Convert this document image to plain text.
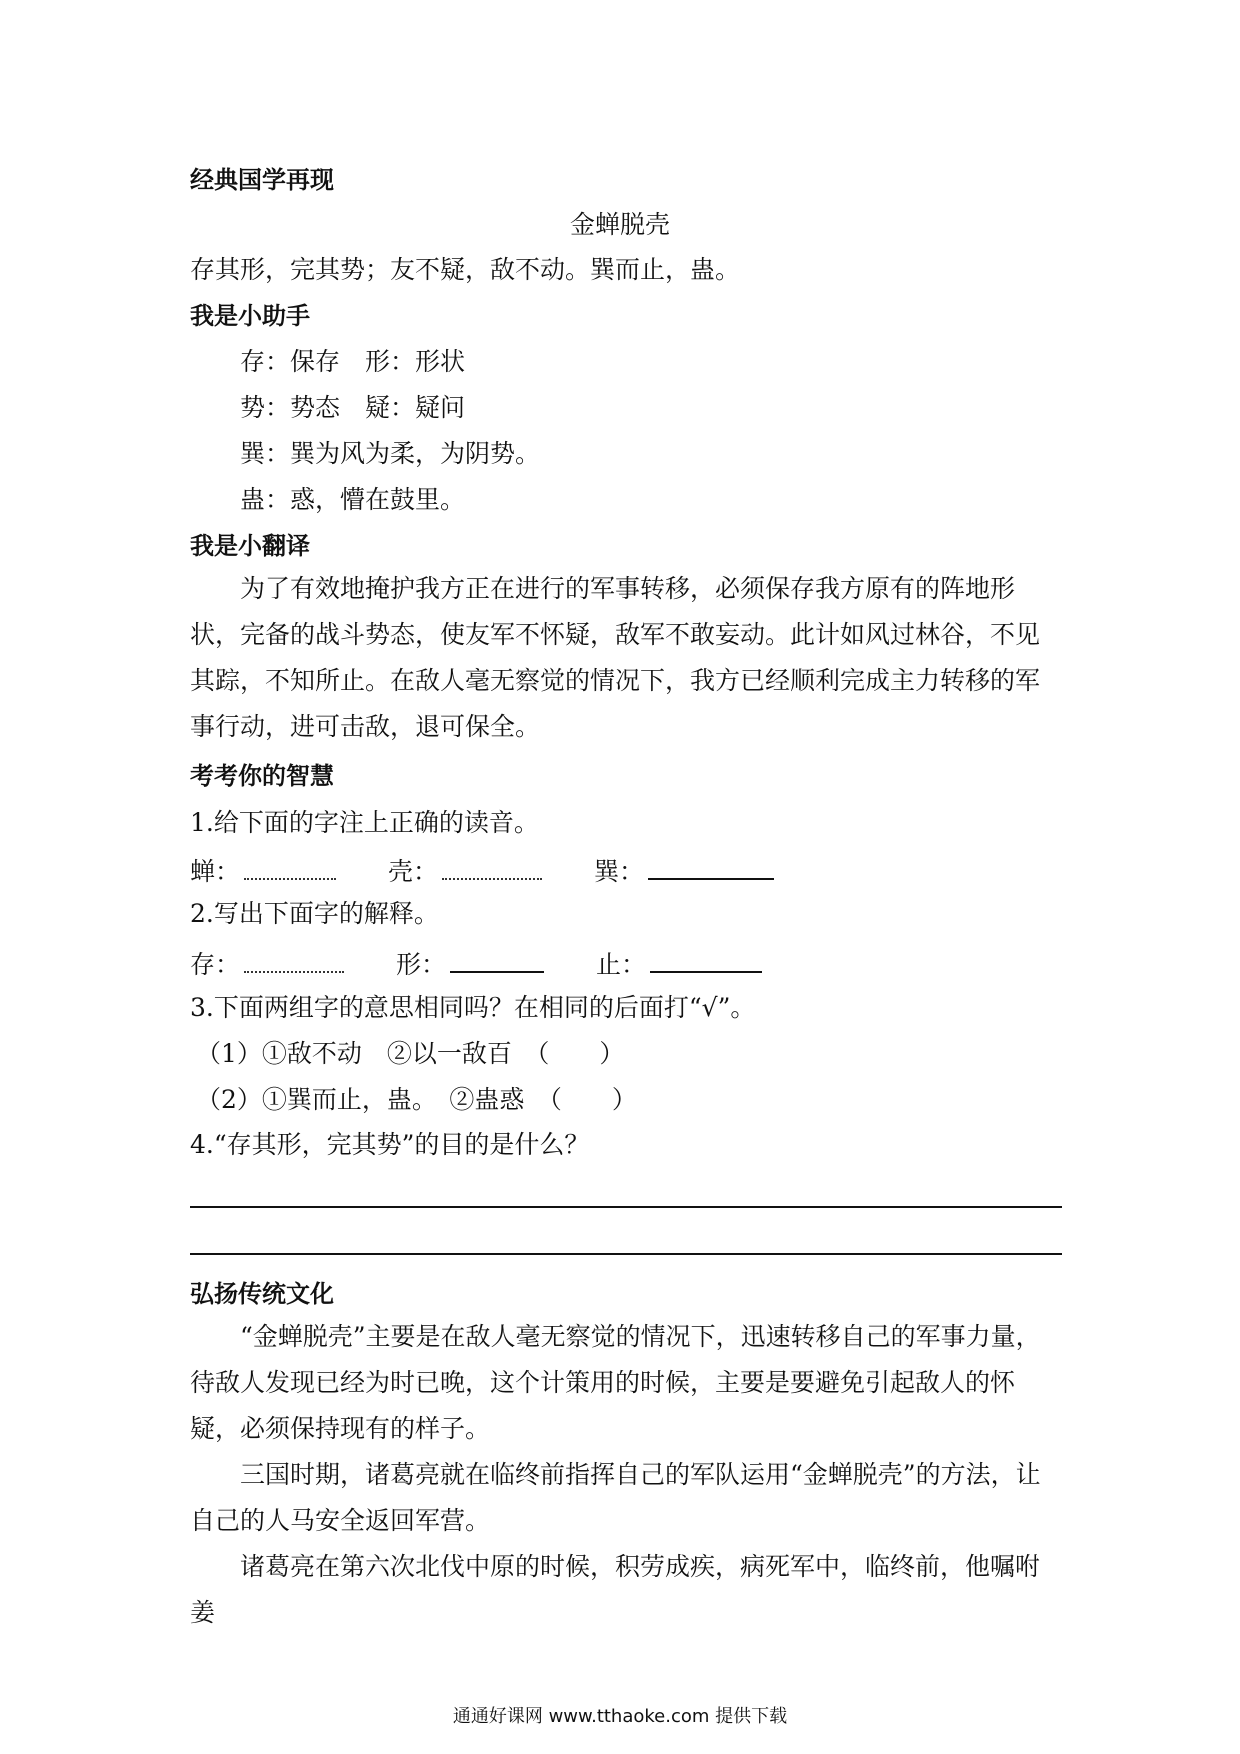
经典国学再现
金蝉脱壳
存其形，完其势；友不疑，敌不动。巽而止，蛊。
我是小助手
存：保存　形：形状
势：势态　疑：疑问
巽：巽为风为柔，为阴势。
蛊：惑，懵在鼓里。
我是小翻译
为了有效地掩护我方正在进行的军事转移，必须保存我方原有的阵地形状，完备的战斗势态，使友军不怀疑，敌军不敢妄动。此计如风过林谷，不见其踪，不知所止。在敌人毫无察觉的情况下，我方已经顺利完成主力转移的军事行动，进可击敌，退可保全。
考考你的智慧
1.给下面的字注上正确的读音。
蝉：	壳：	巽：
2.写出下面字的解释。
存：	形：	止：
3.下面两组字的意思相同吗？在相同的后面打“√”。
（1）①敌不动　②以一敌百　（　　）
（2）①巽而止，蛊。　②蛊惑　（　　）
4.“存其形，完其势”的目的是什么？
弘扬传统文化
“金蝉脱壳”主要是在敌人毫无察觉的情况下，迅速转移自己的军事力量，待敌人发现已经为时已晚，这个计策用的时候，主要是要避免引起敌人的怀疑，必须保持现有的样子。
三国时期，诸葛亮就在临终前指挥自己的军队运用“金蝉脱壳”的方法，让自己的人马安全返回军营。
诸葛亮在第六次北伐中原的时候，积劳成疾，病死军中，临终前，他嘱咐姜
通通好课网 www.tthaoke.com 提供下载
